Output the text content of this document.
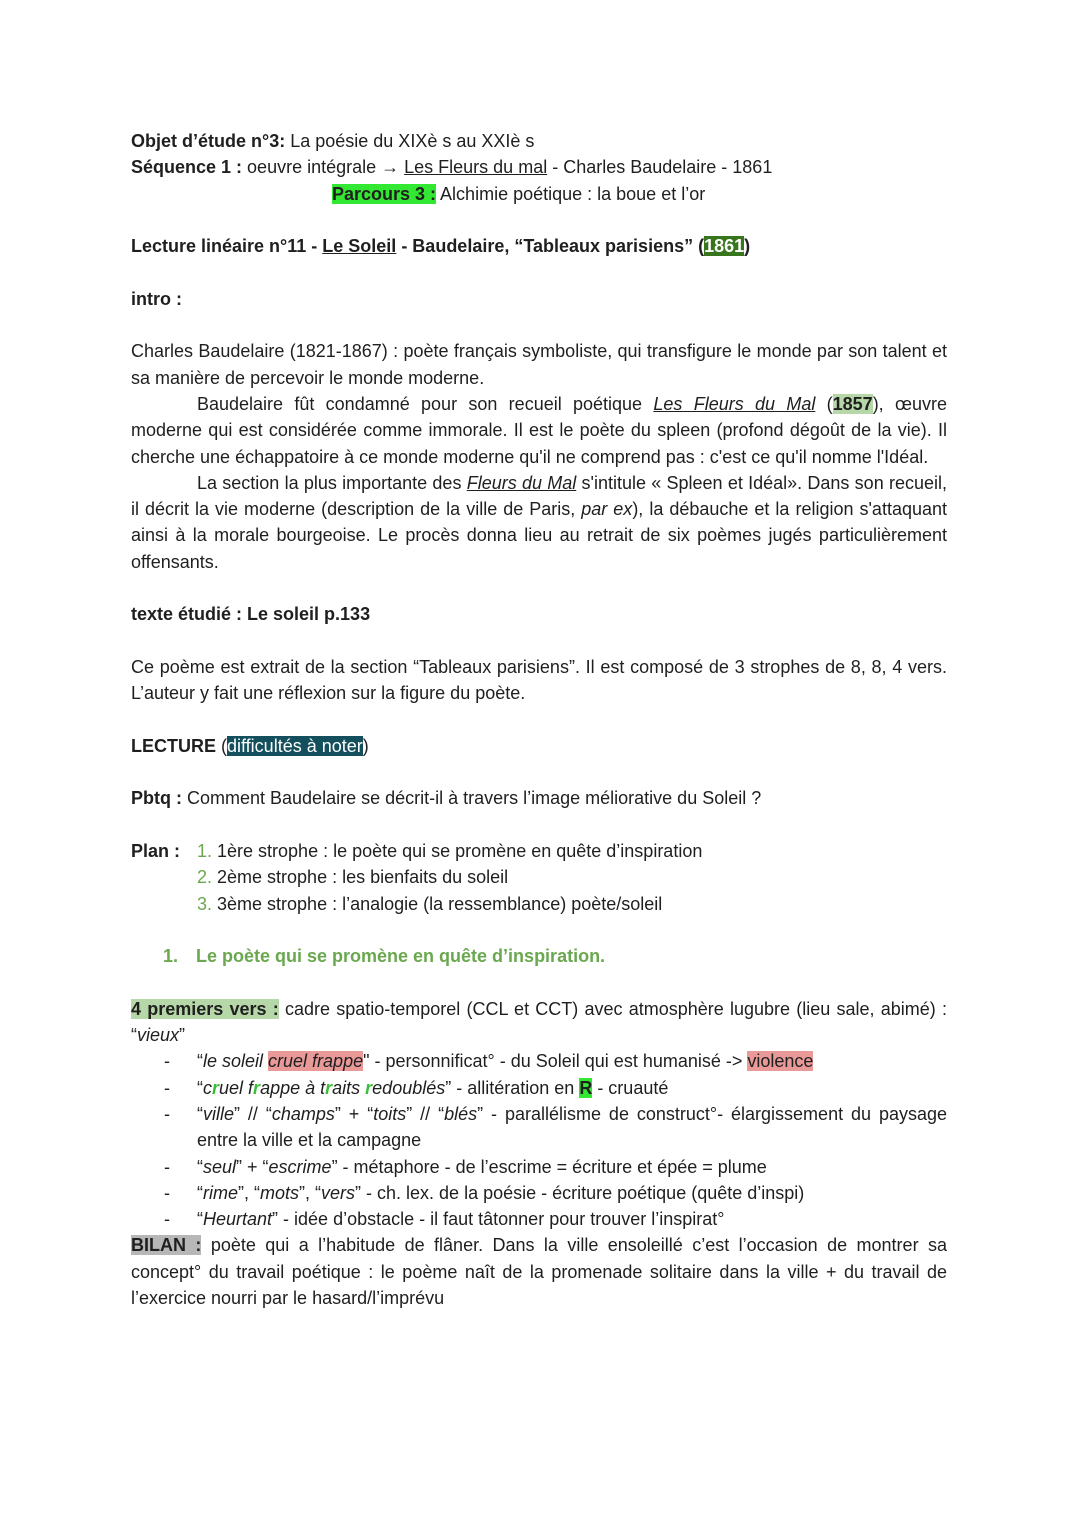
Objet d’étude n°3: La poésie du XIXè s au XXIè s

Séquence 1 : oeuvre intégrale → Les Fleurs du mal - Charles Baudelaire - 1861

Parcours 3 : Alchimie poétique : la boue et l’or

Lecture linéaire n°11 - Le Soleil - Baudelaire, “Tableaux parisiens” (1861)

intro :

Charles Baudelaire (1821-1867) : poète français symboliste, qui transfigure le monde par son talent et sa manière de percevoir le monde moderne.

Baudelaire fût condamné pour son recueil poétique Les Fleurs du Mal (1857), œuvre moderne qui est considérée comme immorale. Il est le poète du spleen (profond dégoût de la vie). Il cherche une échappatoire à ce monde moderne qu'il ne comprend pas : c'est ce qu'il nomme l'Idéal.

La section la plus importante des Fleurs du Mal s'intitule « Spleen et Idéal». Dans son recueil, il décrit la vie moderne (description de la ville de Paris, par ex), la débauche et la religion s'attaquant ainsi à la morale bourgeoise. Le procès donna lieu au retrait de six poèmes jugés particulièrement offensants.

texte étudié : Le soleil p.133

Ce poème est extrait de la section “Tableaux parisiens”. Il est composé de 3 strophes de 8, 8, 4 vers. L’auteur y fait une réflexion sur la figure du poète.

LECTURE (difficultés à noter)

Pbtq : Comment Baudelaire se décrit-il à travers l’image méliorative du Soleil ?

Plan : 1. 1ère strophe : le poète qui se promène en quête d’inspiration
2. 2ème strophe : les bienfaits du soleil
3. 3ème strophe : l’analogie (la ressemblance) poète/soleil

1. Le poète qui se promène en quête d’inspiration.

4 premiers vers : cadre spatio-temporel (CCL et CCT) avec atmosphère lugubre (lieu sale, abimé) : “vieux”

- “le soleil cruel frappe" - personnificat° - du Soleil qui est humanisé -> violence
- “cruel frappe à traits redoublés” - allitération en R - cruauté
- “ville” // “champs” + “toits” // “blés” - parallélisme de construct°- élargissement du paysage entre la ville et la campagne
- “seul” + “escrime” - métaphore - de l’escrime = écriture et épée = plume
- “rime”, “mots”, “vers” - ch. lex. de la poésie - écriture poétique (quête d’inspi)
- “Heurtant” - idée d’obstacle - il faut tâtonner pour trouver l’inspirat°

BILAN : poète qui a l’habitude de flâner. Dans la ville ensoleillé c’est l’occasion de montrer sa concept° du travail poétique : le poème naît de la promenade solitaire dans la ville + du travail de l’exercice nourri par le hasard/l’imprévu
